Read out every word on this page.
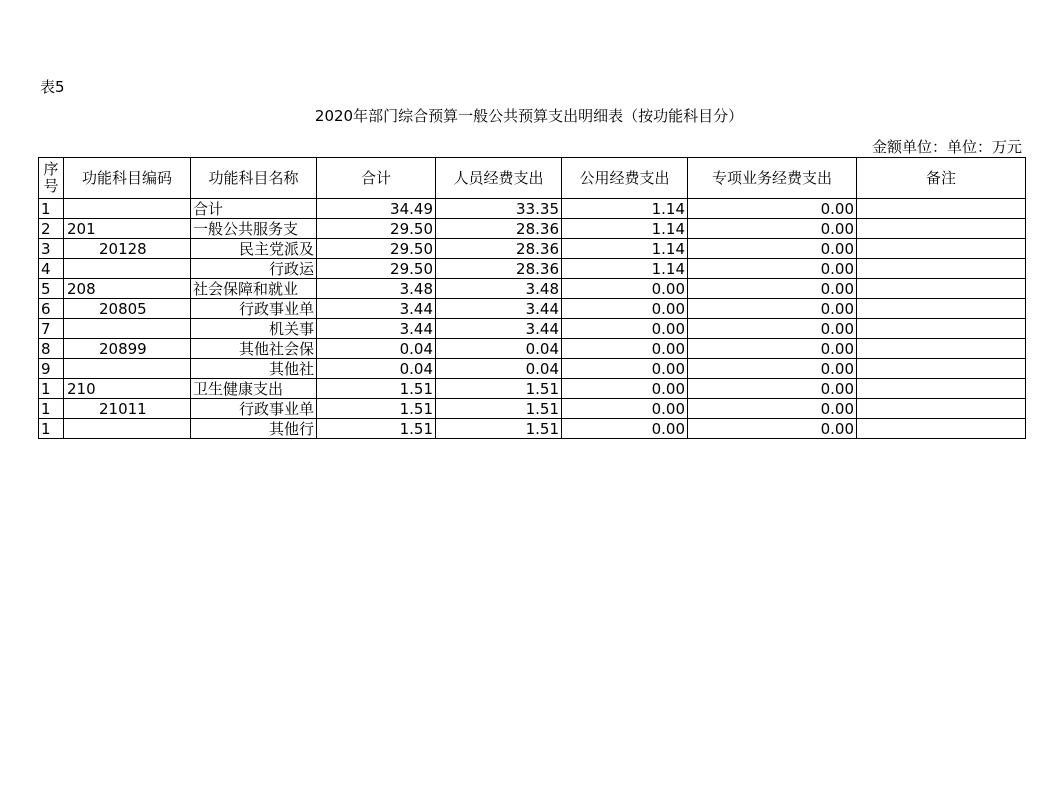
表5
2020年部门综合预算一般公共预算支出明细表（按功能科目分）
金额单位：单位：万元
序
号	功能科目编码	功能科目名称	合计	人员经费支出	公用经费支出	专项业务经费支出	备注
1		合计	34.49	33.35	1.14	0.00	
2	201	一般公共服务支	29.50	28.36	1.14	0.00	
3	20128	民主党派及	29.50	28.36	1.14	0.00	
4		行政运	29.50	28.36	1.14	0.00	
5	208	社会保障和就业	3.48	3.48	0.00	0.00	
6	20805	行政事业单	3.44	3.44	0.00	0.00	
7		机关事	3.44	3.44	0.00	0.00	
8	20899	其他社会保	0.04	0.04	0.00	0.00	
9		其他社	0.04	0.04	0.00	0.00	
1	210	卫生健康支出	1.51	1.51	0.00	0.00	
1	21011	行政事业单	1.51	1.51	0.00	0.00	
1		其他行	1.51	1.51	0.00	0.00	
